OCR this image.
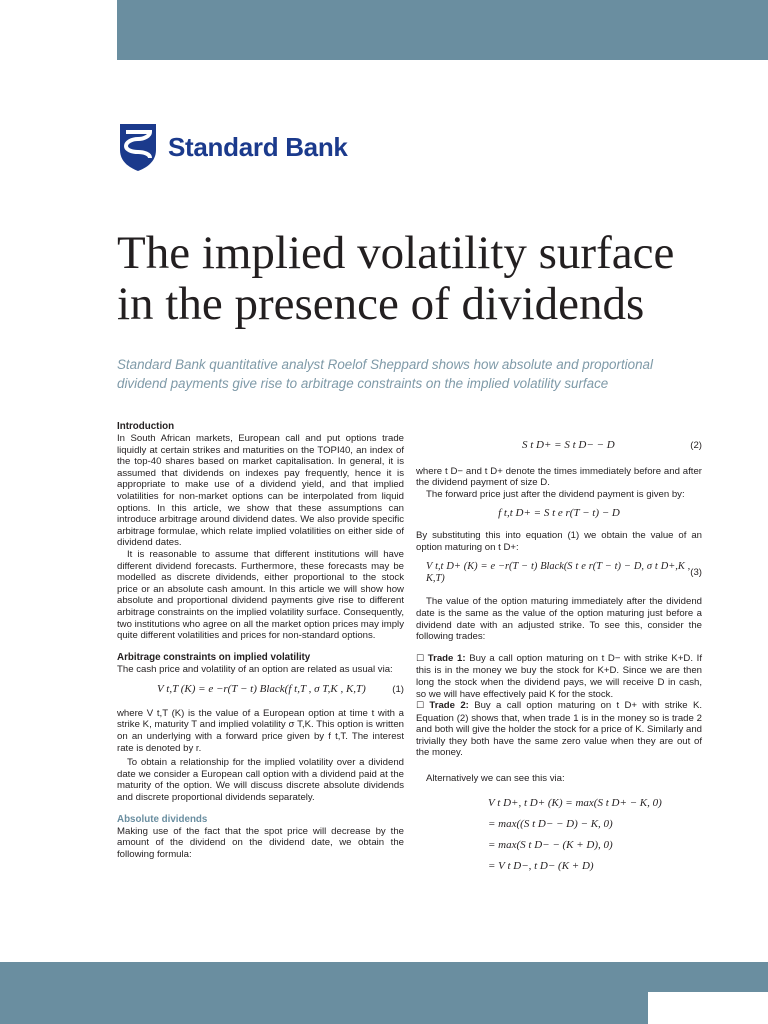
Standard Bank
The implied volatility surface
in the presence of dividends

Standard Bank quantitative analyst Roelof Sheppard shows how absolute and proportional dividend payments give rise to arbitrage constraints on the implied volatility surface

Introduction

In South African markets, European call and put options trade liquidly at certain strikes and maturities on the TOPI40, an index of the top-40 shares based on market capitalisation. In general, it is assumed that dividends on indexes pay frequently, hence it is appropriate to make use of a dividend yield, and that implied volatilities for non-market options can be interpolated from liquid options. In this article, we show that these assumptions can introduce arbitrage around dividend dates. We also provide specific arbitrage formulae, which relate implied volatilities on either side of dividend dates.

It is reasonable to assume that different institutions will have different dividend forecasts. Furthermore, these forecasts may be modelled as discrete dividends, either proportional to the stock price or an absolute cash amount. In this article we will show how absolute and proportional dividend payments give rise to different arbitrage constraints on the implied volatility surface. Consequently, two institutions who agree on all the market option prices may imply quite different volatilities and prices for non-standard options.

Arbitrage constraints on implied volatility

The cash price and volatility of an option are related as usual via:

V t,T (K) = e −r(T − t) Black(f t,T , σ T,K , K,T)	(1)

where V t,T (K) is the value of a European option at time t with a strike K, maturity T and implied volatility σ T,K. This option is written on an underlying with a forward price given by f t,T. The interest rate is denoted by r.

To obtain a relationship for the implied volatility over a dividend date we consider a European call option with a dividend paid at the maturity of the option. We will discuss discrete absolute dividends and discrete proportional dividends separately.

Absolute dividends

Making use of the fact that the spot price will decrease by the amount of the dividend on the dividend date, we obtain the following formula:

S t D+ = S t D− − D	(2)

where t D− and t D+ denote the times immediately before and after the dividend payment of size D.

The forward price just after the dividend payment is given by:

f t,t D+ = S t e r(T − t) − D

By substituting this into equation (1) we obtain the value of an option maturing on t D+:

V t,t D+ (K) = e −r(T − t) Black(S t e r(T − t) − D, σ t D+,K , K,T)
(3)

The value of the option maturing immediately after the dividend date is the same as the value of the option maturing just before a dividend date with an adjusted strike. To see this, consider the following trades:

☐ Trade 1: Buy a call option maturing on t D− with strike K+D. If this is in the money we buy the stock for K+D. Since we are then long the stock when the dividend pays, we will receive D in cash, so we will have effectively paid K for the stock.

☐ Trade 2: Buy a call option maturing on t D+ with strike K. Equation (2) shows that, when trade 1 is in the money so is trade 2 and both will give the holder the stock for a price of K. Similarly and trivially they both have the same zero value when they are out of the money.

Alternatively we can see this via:

V t D+, t D+ (K) = max(S t D+ − K, 0)
= max((S t D− − D) − K, 0)
= max(S t D− − (K + D), 0)
= V t D−, t D− (K + D)
